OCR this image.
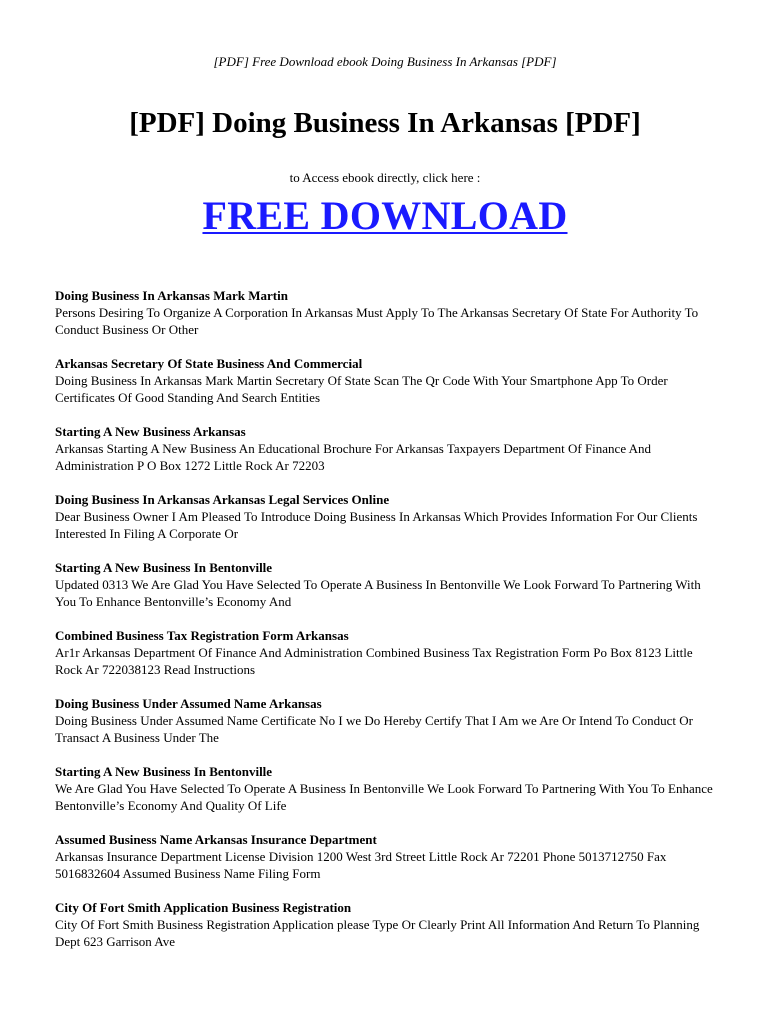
[PDF] Free Download ebook Doing Business In Arkansas [PDF]
[PDF] Doing Business In Arkansas [PDF]
to Access ebook directly, click here :
FREE DOWNLOAD
Doing Business In Arkansas Mark Martin
Persons Desiring To Organize A Corporation In Arkansas Must Apply To The Arkansas Secretary Of State For Authority To Conduct Business Or Other
Arkansas Secretary Of State Business And Commercial
Doing Business In Arkansas Mark Martin Secretary Of State Scan The Qr Code With Your Smartphone App To Order Certificates Of Good Standing And Search Entities
Starting A New Business Arkansas
Arkansas Starting A New Business An Educational Brochure For Arkansas Taxpayers Department Of Finance And Administration P O Box 1272 Little Rock Ar 72203
Doing Business In Arkansas Arkansas Legal Services Online
Dear Business Owner I Am Pleased To Introduce Doing Business In Arkansas Which Provides Information For Our Clients Interested In Filing A Corporate Or
Starting A New Business In Bentonville
Updated 0313 We Are Glad You Have Selected To Operate A Business In Bentonville We Look Forward To Partnering With You To Enhance Bentonville’s Economy And
Combined Business Tax Registration Form Arkansas
Ar1r Arkansas Department Of Finance And Administration Combined Business Tax Registration Form Po Box 8123 Little Rock Ar 722038123 Read Instructions
Doing Business Under Assumed Name Arkansas
Doing Business Under Assumed Name Certificate No I we Do Hereby Certify That I Am we Are Or Intend To Conduct Or Transact A Business Under The
Starting A New Business In Bentonville
We Are Glad You Have Selected To Operate A Business In Bentonville We Look Forward To Partnering With You To Enhance Bentonville’s Economy And Quality Of Life
Assumed Business Name Arkansas Insurance Department
Arkansas Insurance Department License Division 1200 West 3rd Street Little Rock Ar 72201 Phone 5013712750 Fax 5016832604 Assumed Business Name Filing Form
City Of Fort Smith Application Business Registration
City Of Fort Smith Business Registration Application please Type Or Clearly Print All Information And Return To Planning Dept 623 Garrison Ave
